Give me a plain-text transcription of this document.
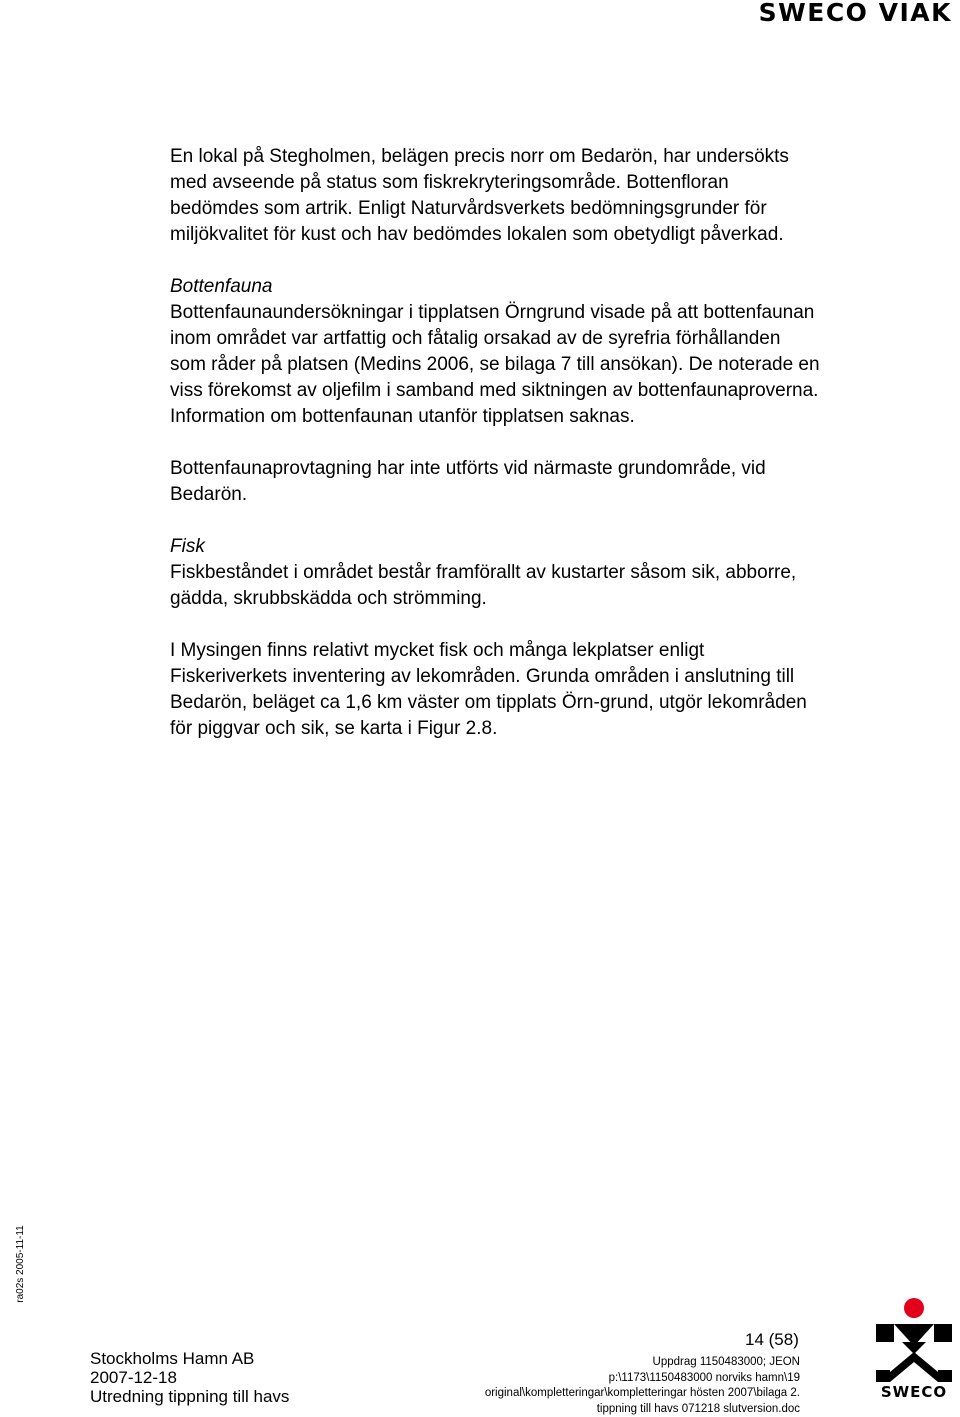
SWECO VIAK

En lokal på Stegholmen, belägen precis norr om Bedarön, har undersökts med avseende på status som fiskrekryteringsområde. Bottenfloran bedömdes som artrik. Enligt Naturvårdsverkets bedömningsgrunder för miljökvalitet för kust och hav bedömdes lokalen som obetydligt påverkad.

Bottenfauna
Bottenfaunaundersökningar i tipplatsen Örngrund visade på att bottenfaunan inom området var artfattig och fåtalig orsakad av de syrefria förhållanden som råder på platsen (Medins 2006, se bilaga 7 till ansökan). De noterade en viss förekomst av oljefilm i samband med siktningen av bottenfaunaproverna. Information om bottenfaunan utanför tipplatsen saknas.

Bottenfaunaprovtagning har inte utförts vid närmaste grundområde, vid Bedarön.

Fisk
Fiskbeståndet i området består framförallt av kustarter såsom sik, abborre, gädda, skrubbskädda och strömming.

I Mysingen finns relativt mycket fisk och många lekplatser enligt Fiskeriverkets inventering av lekområden. Grunda områden i anslutning till Bedarön, beläget ca 1,6 km väster om tipplats Örn-grund, utgör lekområden för piggvar och sik, se karta i Figur 2.8.

ra02s 2005-11-11
14 (58)
Stockholms Hamn AB
2007-12-18
Utredning tippning till havs
Uppdrag 1150483000; JEON
p:\1173\1150483000 norviks hamn\19
original\kompletteringar\kompletteringar hösten 2007\bilaga 2.
tippning till havs 071218 slutversion.doc
SWECO
